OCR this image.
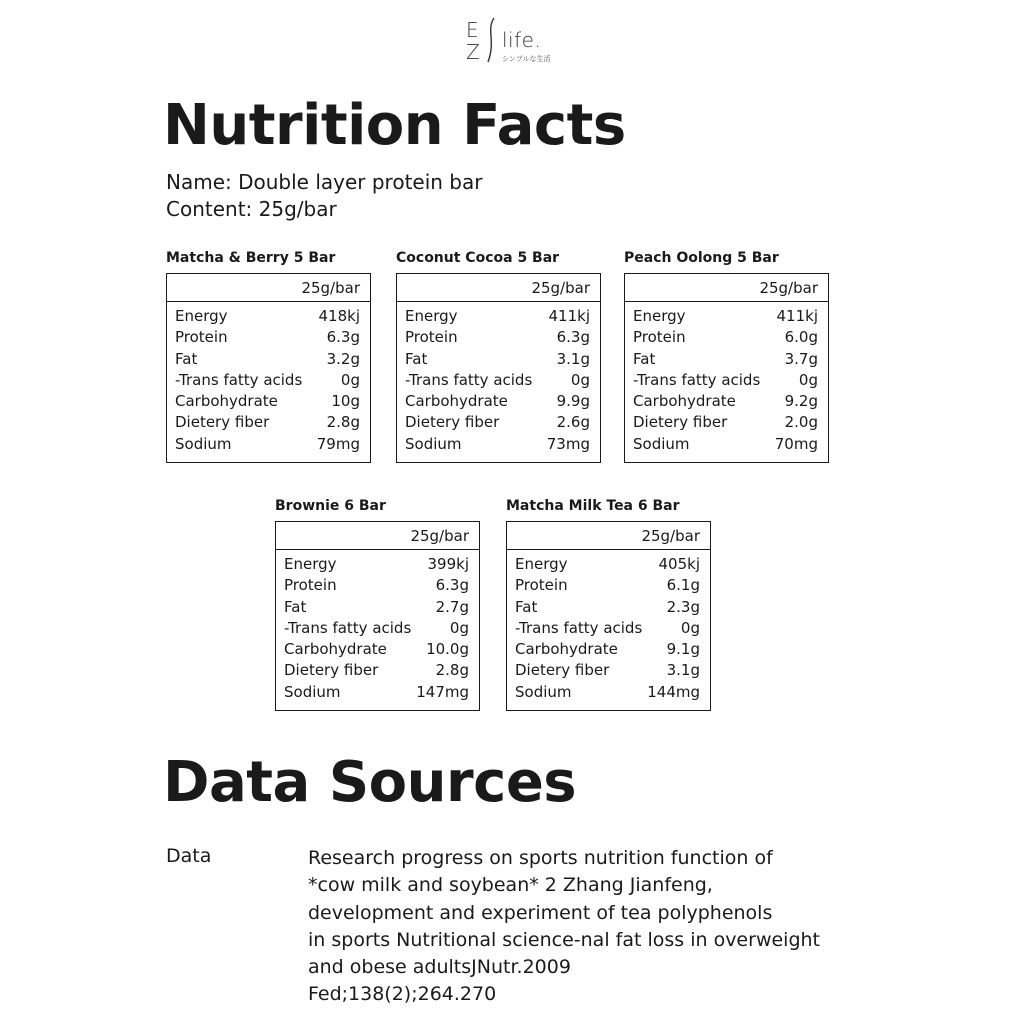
E
Z life.
シンプルな生活
Nutrition Facts
Name: Double layer protein bar
Content: 25g/bar
Matcha & Berry 5 Bar
25g/bar
Energy	418kj
Protein	6.3g
Fat	3.2g
-Trans fatty acids	0g
Carbohydrate	10g
Dietery fiber	2.8g
Sodium	79mg
Coconut Cocoa 5 Bar
25g/bar
Energy	411kj
Protein	6.3g
Fat	3.1g
-Trans fatty acids	0g
Carbohydrate	9.9g
Dietery fiber	2.6g
Sodium	73mg
Peach Oolong 5 Bar
25g/bar
Energy	411kj
Protein	6.0g
Fat	3.7g
-Trans fatty acids	0g
Carbohydrate	9.2g
Dietery fiber	2.0g
Sodium	70mg
Brownie 6 Bar
25g/bar
Energy	399kj
Protein	6.3g
Fat	2.7g
-Trans fatty acids	0g
Carbohydrate	10.0g
Dietery fiber	2.8g
Sodium	147mg
Matcha Milk Tea 6 Bar
25g/bar
Energy	405kj
Protein	6.1g
Fat	2.3g
-Trans fatty acids	0g
Carbohydrate	9.1g
Dietery fiber	3.1g
Sodium	144mg
Data Sources
Data	Research progress on sports nutrition function of
*cow milk and soybean* 2 Zhang Jianfeng,
development and experiment of tea polyphenols
in sports Nutritional science-nal fat loss in overweight
and obese adultsJNutr.2009
Fed;138(2);264.270
